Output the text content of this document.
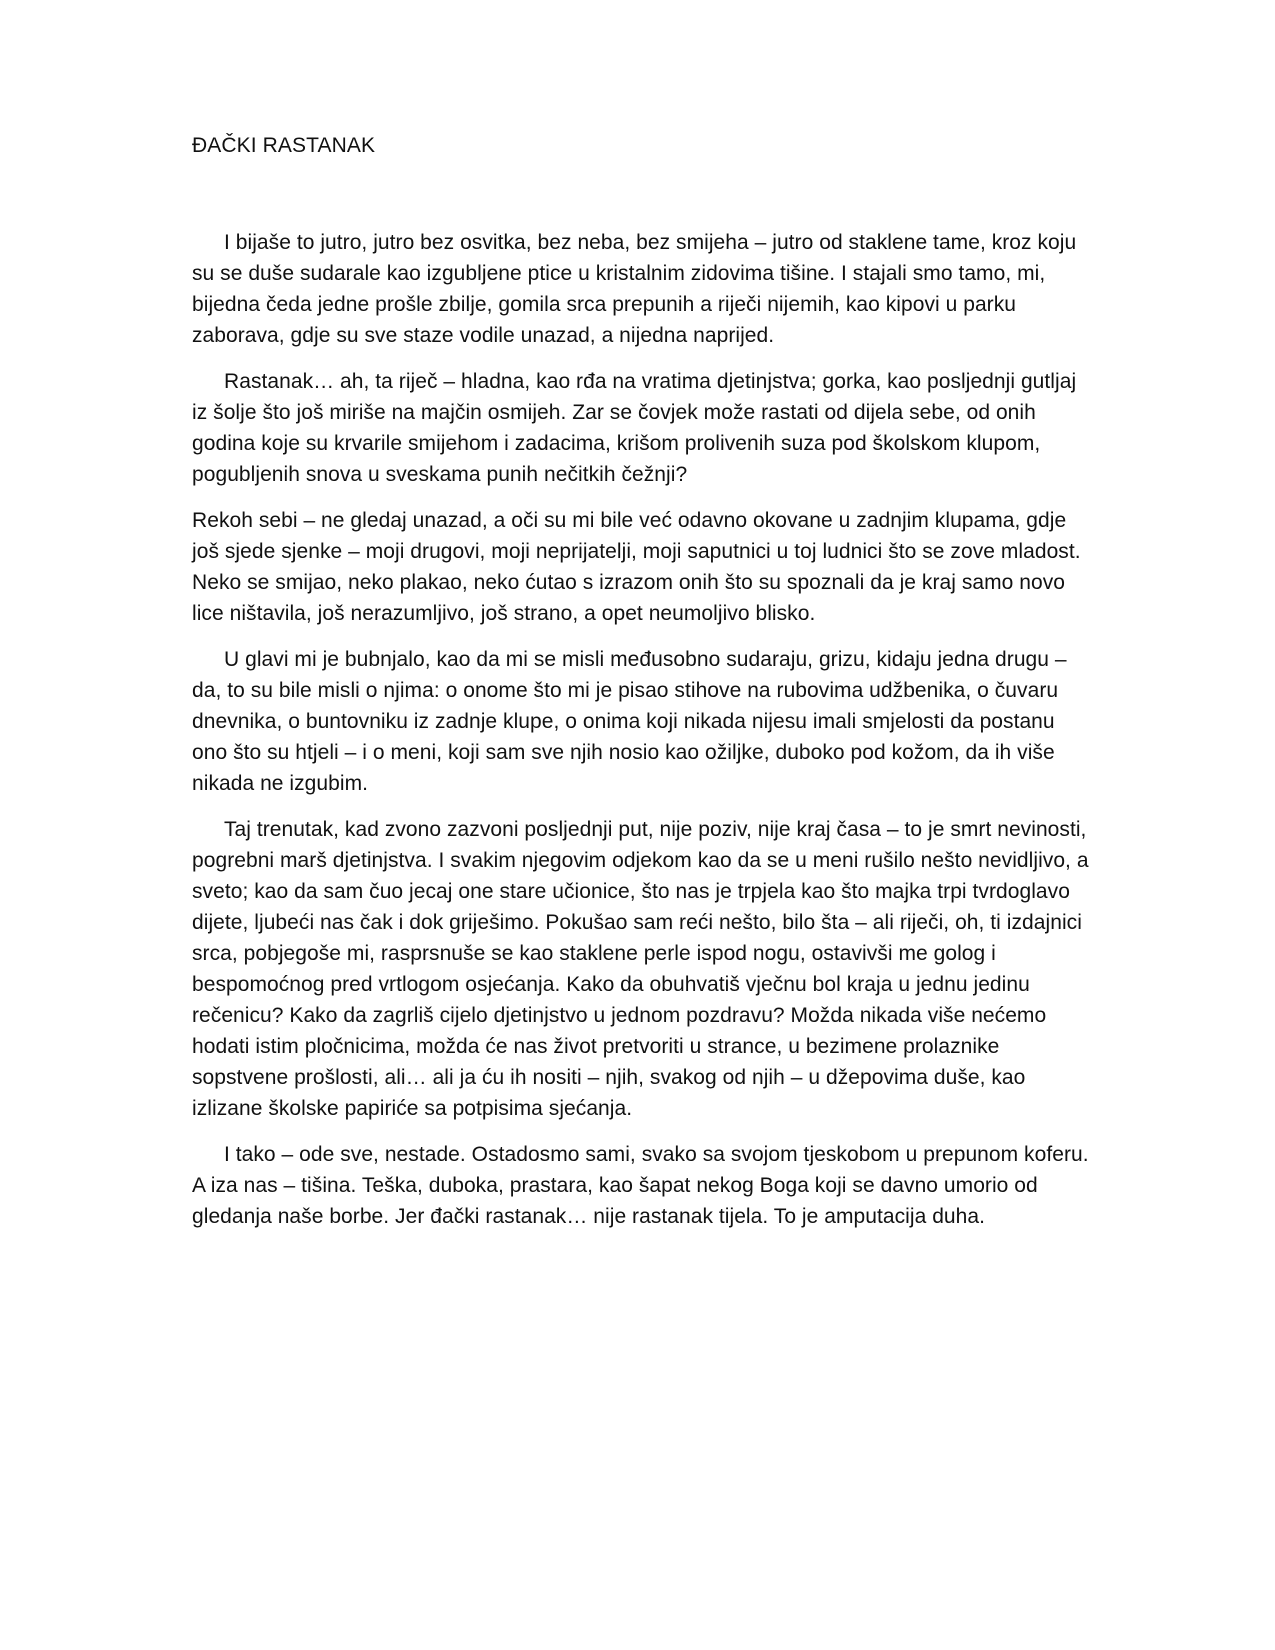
ĐAČKI RASTANAK

I bijaše to jutro, jutro bez osvitka, bez neba, bez smijeha – jutro od staklene tame, kroz koju su se duše sudarale kao izgubljene ptice u kristalnim zidovima tišine. I stajali smo tamo, mi, bijedna čeda jedne prošle zbilje, gomila srca prepunih a riječi nijemih, kao kipovi u parku zaborava, gdje su sve staze vodile unazad, a nijedna naprijed.

Rastanak… ah, ta riječ – hladna, kao rđa na vratima djetinjstva; gorka, kao posljednji gutljaj iz šolje što još miriše na majčin osmijeh. Zar se čovjek može rastati od dijela sebe, od onih godina koje su krvarile smijehom i zadacima, krišom prolivenih suza pod školskom klupom, pogubljenih snova u sveskama punih nečitkih čežnji?

Rekoh sebi – ne gledaj unazad, a oči su mi bile već odavno okovane u zadnjim klupama, gdje još sjede sjenke – moji drugovi, moji neprijatelji, moji saputnici u toj ludnici što se zove mladost. Neko se smijao, neko plakao, neko ćutao s izrazom onih što su spoznali da je kraj samo novo lice ništavila, još nerazumljivo, još strano, a opet neumoljivo blisko.

U glavi mi je bubnjalo, kao da mi se misli međusobno sudaraju, grizu, kidaju jedna drugu – da, to su bile misli o njima: o onome što mi je pisao stihove na rubovima udžbenika, o čuvaru dnevnika, o buntovniku iz zadnje klupe, o onima koji nikada nijesu imali smjelosti da postanu ono što su htjeli – i o meni, koji sam sve njih nosio kao ožiljke, duboko pod kožom, da ih više nikada ne izgubim.

Taj trenutak, kad zvono zazvoni posljednji put, nije poziv, nije kraj časa – to je smrt nevinosti, pogrebni marš djetinjstva. I svakim njegovim odjekom kao da se u meni rušilo nešto nevidljivo, a sveto; kao da sam čuo jecaj one stare učionice, što nas je trpjela kao što majka trpi tvrdoglavo dijete, ljubeći nas čak i dok griješimo. Pokušao sam reći nešto, bilo šta – ali riječi, oh, ti izdajnici srca, pobjegoše mi, rasprsnuše se kao staklene perle ispod nogu, ostavivši me golog i bespomoćnog pred vrtlogom osjećanja. Kako da obuhvatiš vječnu bol kraja u jednu jedinu rečenicu? Kako da zagrliš cijelo djetinjstvo u jednom pozdravu? Možda nikada više nećemo hodati istim pločnicima, možda će nas život pretvoriti u strance, u bezimene prolaznike sopstvene prošlosti, ali… ali ja ću ih nositi – njih, svakog od njih – u džepovima duše, kao izlizane školske papiriće sa potpisima sjećanja.

I tako – ode sve, nestade. Ostadosmo sami, svako sa svojom tjeskobom u prepunom koferu. A iza nas – tišina. Teška, duboka, prastara, kao šapat nekog Boga koji se davno umorio od gledanja naše borbe. Jer đački rastanak… nije rastanak tijela. To je amputacija duha.
